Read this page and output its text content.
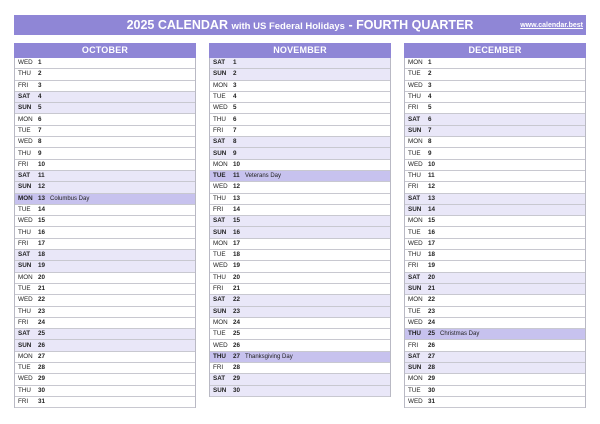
2025 CALENDAR with US Federal Holidays - FOURTH QUARTER	www.calendar.best
OCTOBER
WED 1
THU	2
FRI	3
SAT	4
SUN	5
MON 6
TUE	7
WED 8
THU	9
FRI	10
SAT	11
SUN	12
MON 13 Columbus Day
TUE	14
WED 15
THU	16
FRI	17
SAT	18
SUN	19
MON 20
TUE	21
WED 22
THU	23
FRI	24
SAT	25
SUN	26
MON 27
TUE	28
WED 29
THU	30
FRI	31
NOVEMBER
SAT	1
SUN	2
MON 3
TUE	4
WED 5
THU	6
FRI	7
SAT	8
SUN	9
MON 10
TUE	11 Veterans Day
WED 12
THU	13
FRI	14
SAT	15
SUN	16
MON 17
TUE	18
WED 19
THU	20
FRI	21
SAT	22
SUN	23
MON 24
TUE	25
WED 26
THU	27 Thanksgiving Day
FRI	28
SAT	29
SUN	30
DECEMBER
MON 1
TUE	2
WED 3
THU	4
FRI	5
SAT	6
SUN	7
MON 8
TUE	9
WED 10
THU	11
FRI	12
SAT	13
SUN	14
MON 15
TUE	16
WED 17
THU	18
FRI	19
SAT	20
SUN	21
MON 22
TUE	23
WED 24
THU	25 Christmas Day
FRI	26
SAT	27
SUN	28
MON 29
TUE	30
WED 31
